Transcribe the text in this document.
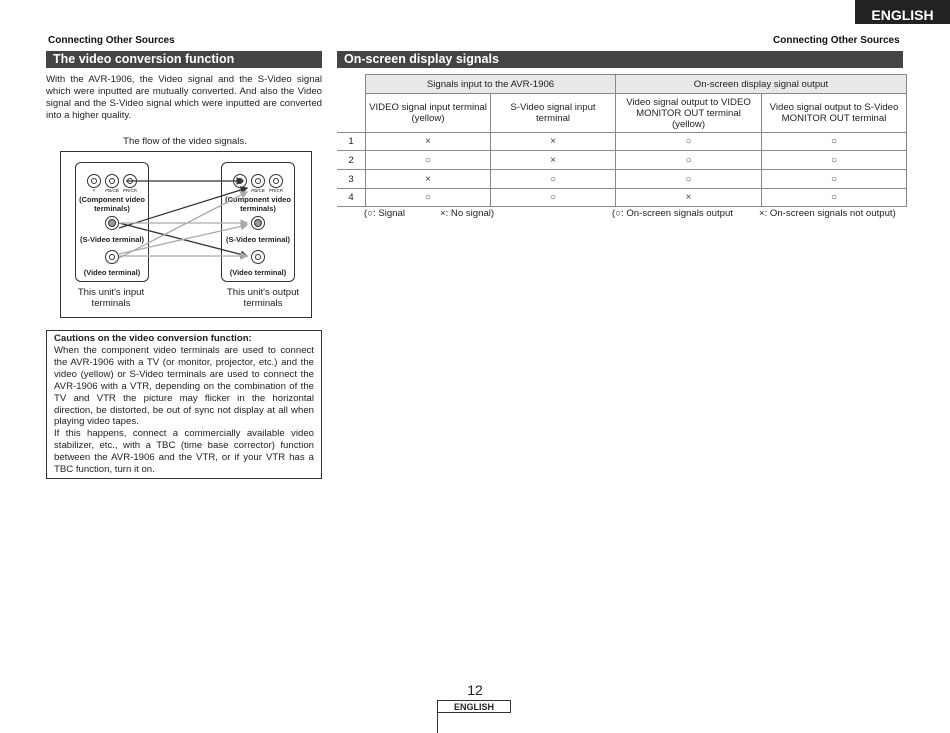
ENGLISH
Connecting Other Sources	Connecting Other Sources
The video conversion function
With the AVR-1906, the Video signal and the S-Video signal which were inputted are mutually converted. And also the Video signal and the S-Video signal which were inputted are converted into a higher quality.
The flow of the video signals.
Y	PB/CB PR/CR
(Component video terminals)
(S-Video terminal)
(Video terminal)
PB/CB PR/CR
(Component video terminals)
(S-Video terminal)
(Video terminal)
This unit's input terminals
This unit's output terminals
Cautions on the video conversion function:

When the component video terminals are used to connect the AVR-1906 with a TV (or monitor, projector, etc.) and the video (yellow) or S-Video terminals are used to connect the AVR-1906 with a VTR, depending on the combination of the TV and VTR the picture may flicker in the horizontal direction, be distorted, be out of sync not display at all when playing video tapes.

If this happens, connect a commercially available video stabilizer, etc., with a TBC (time base corrector) function between the AVR-1906 and the VTR, or if your VTR has a TBC function, turn it on.

On-screen display signals
	Signals input to the AVR-1906		On-screen display signal output	
	VIDEO signal input terminal (yellow)	S-Video signal input terminal	Video signal output to VIDEO MONITOR OUT terminal (yellow)	Video signal output to S-Video MONITOR OUT terminal
1	×	×	○	○
2	○	×	○	○
3	×	○	○	○
4	○	○	×	○
(○: Signal	×: No signal)	(○: On-screen signals output	×: On-screen signals not output)
12
ENGLISH
